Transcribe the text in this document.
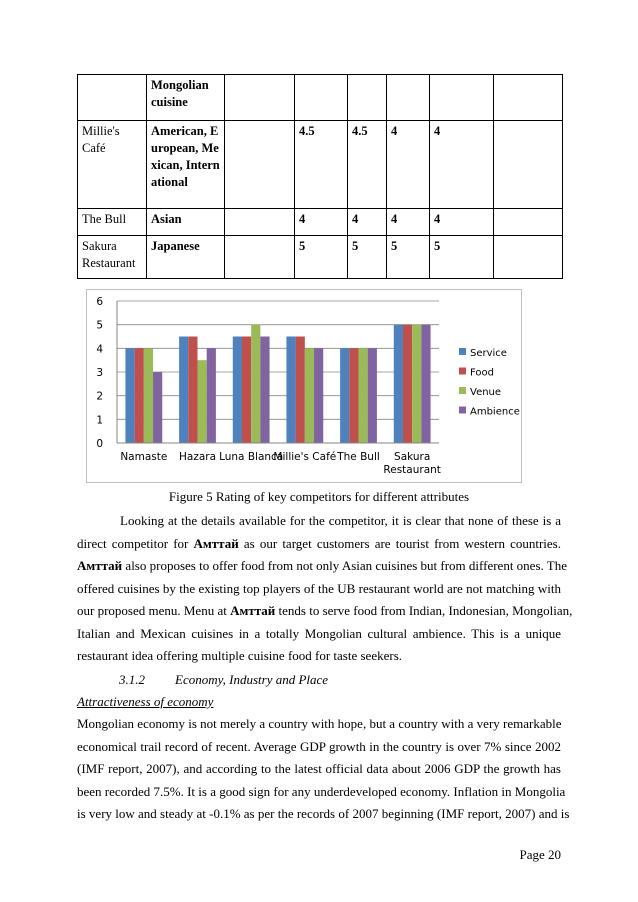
	Mongolian cuisine						
Millie's Café	American, European, Mexican, International		4.5	4.5	4	4	
The Bull	Asian		4	4	4	4	
Sakura Restaurant	Japanese		5	5	5	5	
0
1
2
3
4
5
6
Namaste Hazara Luna Blanca
Millie's Café The Bull Sakura
Restaurant
Service
Food
Venue
Ambience
Figure 5 Rating of key competitors for different attributes
Looking at the details available for the competitor, it is clear that none of these is a
direct competitor for Амттай as our target customers are tourist from western countries.
Амттай also proposes to offer food from not only Asian cuisines but from different ones. The
offered cuisines by the existing top players of the UB restaurant world are not matching with
our proposed menu. Menu at Амттай tends to serve food from Indian, Indonesian, Mongolian,
Italian and Mexican cuisines in a totally Mongolian cultural ambience. This is a unique
restaurant idea offering multiple cuisine food for taste seekers.
3.1.2 Economy, Industry and Place
Attractiveness of economy
Mongolian economy is not merely a country with hope, but a country with a very remarkable
economical trail record of recent. Average GDP growth in the country is over 7% since 2002
(IMF report, 2007), and according to the latest official data about 2006 GDP the growth has
been recorded 7.5%. It is a good sign for any underdeveloped economy. Inflation in Mongolia
is very low and steady at -0.1% as per the records of 2007 beginning (IMF report, 2007) and is
Page 20
